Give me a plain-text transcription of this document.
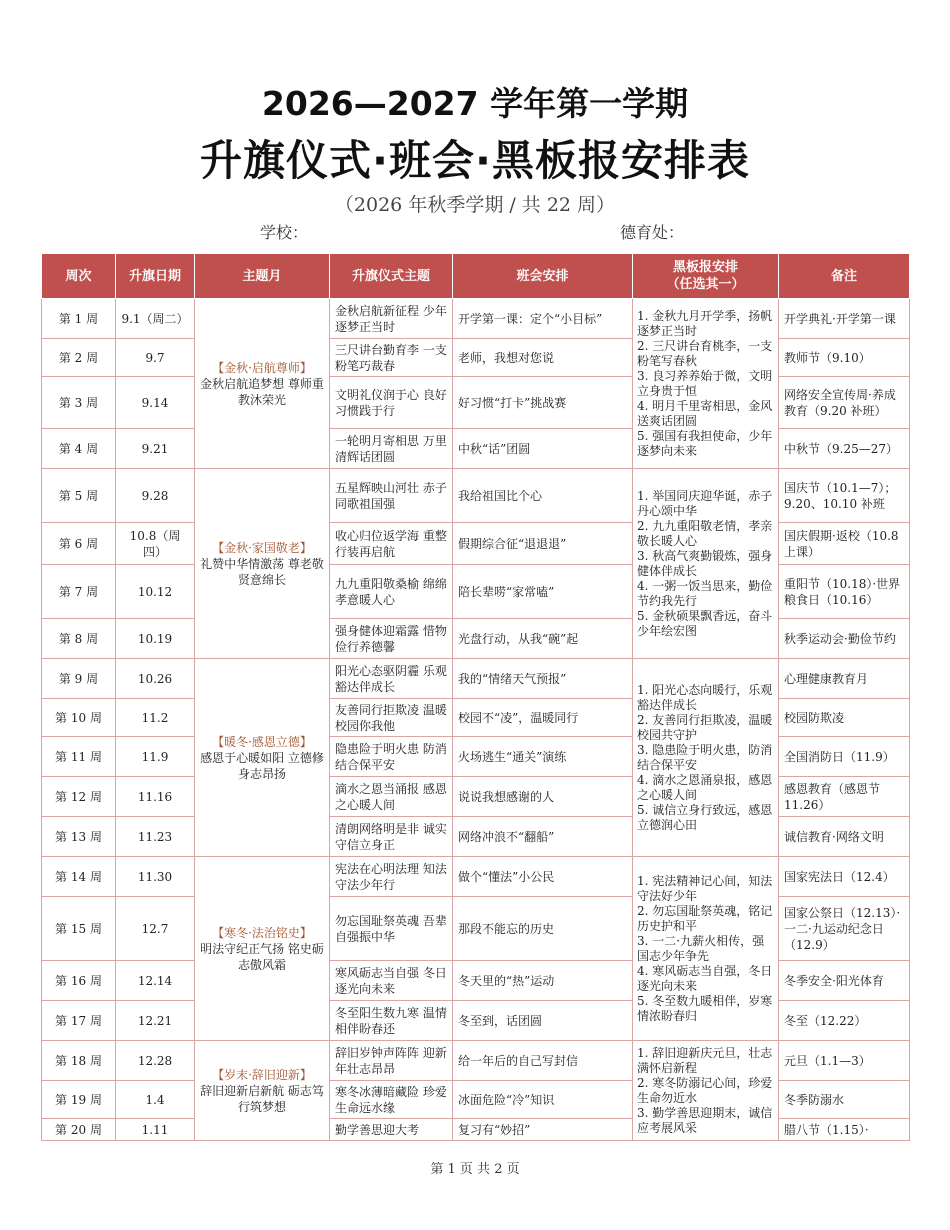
2026—2027 学年第一学期
升旗仪式·班会·黑板报安排表
（2026 年秋季学期 / 共 22 周）
学校：	德育处：
周次	升旗日期	主题月	升旗仪式主题	班会安排	黑板报安排
（任选其一）	备注
第 1 周	9.1（周二）	【金秋·启航尊师】
金秋启航追梦想 尊师重教沐荣光	金秋启航新征程 少年逐梦正当时	开学第一课：定个“小目标”	1. 金秋九月开学季，扬帆逐梦正当时
2. 三尺讲台育桃李，一支粉笔写春秋
3. 良习养养始于微，文明立身贵于恒
4. 明月千里寄相思，金风送爽话团圆
5. 强国有我担使命，少年逐梦向未来	开学典礼·开学第一课
第 2 周	9.7		三尺讲台勤育李 一支粉笔巧裁春	老师，我想对您说		教师节（9.10）
第 3 周	9.14		文明礼仪润于心 良好习惯践于行	好习惯“打卡”挑战赛		网络安全宣传周·养成教育（9.20 补班）
第 4 周	9.21		一轮明月寄相思 万里清辉话团圆	中秋“话”团圆		中秋节（9.25—27）
第 5 周	9.28	【金秋·家国敬老】
礼赞中华情激荡 尊老敬贤意绵长	五星辉映山河壮 赤子同歌祖国强	我给祖国比个心	1. 举国同庆迎华诞，赤子丹心颂中华
2. 九九重阳敬老情，孝亲敬长暖人心
3. 秋高气爽勤锻炼，强身健体伴成长
4. 一粥一饭当思来，勤俭节约我先行
5. 金秋硕果飘香远，奋斗少年绘宏图	国庆节（10.1—7）；9.20、10.10 补班
第 6 周	10.8（周四）		收心归位返学海 重整行装再启航	假期综合征“退退退”		国庆假期·返校（10.8 上课）
第 7 周	10.12		九九重阳敬桑榆 绵绵孝意暖人心	陪长辈唠“家常嗑”		重阳节（10.18）·世界粮食日（10.16）
第 8 周	10.19		强身健体迎霜露 惜物俭行养德馨	光盘行动，从我“碗”起		秋季运动会·勤俭节约
第 9 周	10.26	【暖冬·感恩立德】
感恩于心暖如阳 立德修身志昂扬	阳光心态驱阴霾 乐观豁达伴成长	我的“情绪天气预报”	1. 阳光心态向暖行，乐观豁达伴成长
2. 友善同行拒欺凌，温暖校园共守护
3. 隐患险于明火患，防消结合保平安
4. 滴水之恩涌泉报，感恩之心暖人间
5. 诚信立身行致远，感恩立德润心田	心理健康教育月
第 10 周	11.2		友善同行拒欺凌 温暖校园你我他	校园不“凌”，温暖同行		校园防欺凌
第 11 周	11.9		隐患险于明火患 防消结合保平安	火场逃生“通关”演练		全国消防日（11.9）
第 12 周	11.16		滴水之恩当涌报 感恩之心暖人间	说说我想感谢的人		感恩教育（感恩节 11.26）
第 13 周	11.23		清朗网络明是非 诚实守信立身正	网络冲浪不“翻船”		诚信教育·网络文明
第 14 周	11.30	【寒冬·法治铭史】
明法守纪正气扬 铭史砺志傲风霜	宪法在心明法理 知法守法少年行	做个“懂法”小公民	1. 宪法精神记心间，知法守法好少年
2. 勿忘国耻祭英魂，铭记历史护和平
3. 一二·九薪火相传，强国志少年争先
4. 寒风砺志当自强，冬日逐光向未来
5. 冬至数九暖相伴，岁寒情浓盼春归	国家宪法日（12.4）
第 15 周	12.7		勿忘国耻祭英魂 吾辈自强振中华	那段不能忘的历史		国家公祭日（12.13）·一二·九运动纪念日（12.9）
第 16 周	12.14		寒风砺志当自强 冬日逐光向未来	冬天里的“热”运动		冬季安全·阳光体育
第 17 周	12.21		冬至阳生数九寒 温情相伴盼春还	冬至到，话团圆		冬至（12.22）
第 18 周	12.28	【岁末·辞旧迎新】
辞旧迎新启新航 砺志笃行筑梦想	辞旧岁钟声阵阵 迎新年壮志昂昂	给一年后的自己写封信	1. 辞旧迎新庆元旦，壮志满怀启新程
2. 寒冬防溺记心间，珍爱生命勿近水
3. 勤学善思迎期末，诚信应考展风采	元旦（1.1—3）
第 19 周	1.4		寒冬冰薄暗藏险 珍爱生命远水缘	冰面危险“冷”知识		冬季防溺水
第 20 周	1.11		勤学善思迎大考	复习有“妙招”		腊八节（1.15）·
第 1 页 共 2 页
